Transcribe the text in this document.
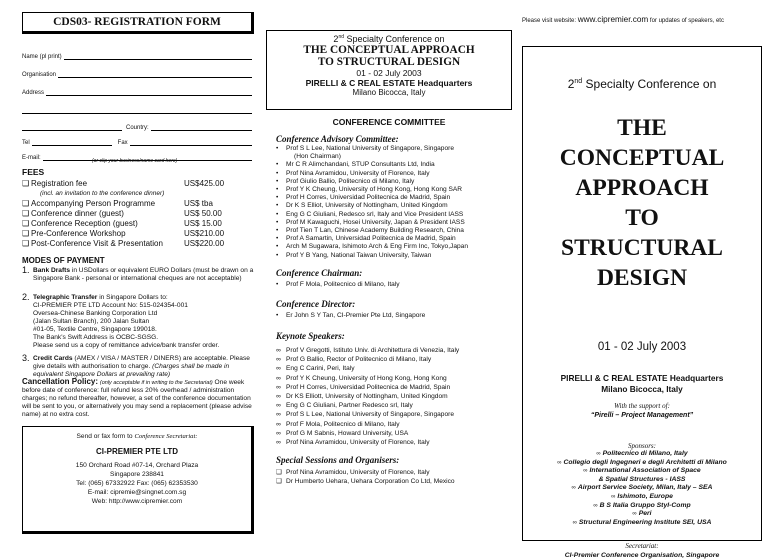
CDS03- REGISTRATION FORM
Name (pl print)
Organisation
Address
Country:
Tel	Fax
E-mail:	(or clip your business/name card here)
FEES
❑ Registration fee	US$425.00
(incl. an invitation to the conference dinner)
❑ Accompanying Person Programme	US$ tba
❑ Conference dinner (guest)	US$ 50.00
❑ Conference Reception (guest)	US$ 15.00
❑ Pre-Conference Workshop	US$210.00
❑ Post-Conference Visit & Presentation	US$220.00
MODES OF PAYMENT
1. Bank Drafts in USDollars or equivalent EURO Dollars (must be drawn on a Singapore Bank - personal or international cheques are not acceptable)
2. Telegraphic Transfer in Singapore Dollars to:
CI-PREMIER PTE LTD Account No: 515-024354-001
Oversea-Chinese Banking Corporation Ltd
(Jalan Sultan Branch), 200 Jalan Sultan
#01-05, Textile Centre, Singapore 199018.
The Bank's Swift Address is OCBC-SGSG.
Please send us a copy of remittance advice/bank transfer order.
3. Credit Cards (AMEX / VISA / MASTER / DINERS) are acceptable. Please give details with authorisation to charge. (Charges shall be made in equivalent Singapore Dollars at prevailing rate)
Cancellation Policy: (only acceptable if in writing to the Secretariat) One week before date of conference: full refund less 20% overhead / administration charges; no refund thereafter, however, a set of the conference documentation will be sent to you, or alternatively you may send a replacement (please advise name) at no extra cost.
Send or fax form to Conference Secretariat:
CI-PREMIER PTE LTD
150 Orchard Road #07-14, Orchard Plaza
Singapore 238841
Tel: (065) 67332922 Fax: (065) 62353530
E-mail: cipremie@singnet.com.sg
Web: http://www.cipremier.com
2nd Specialty Conference on
THE CONCEPTUAL APPROACH
TO STRUCTURAL DESIGN
01 - 02 July 2003
PIRELLI & C REAL ESTATE Headquarters
Milano Bicocca, Italy
CONFERENCE COMMITTEE
Conference Advisory Committee:
• Prof S L Lee, National University of Singapore, Singapore
(Hon Chairman)
• Mr C R Alimchandani, STUP Consultants Ltd, India
• Prof Nina Avramidou, University of Florence, Italy
• Prof Giulio Ballio, Politecnico di Milano, Italy
• Prof Y K Cheung, University of Hong Kong, Hong Kong SAR
• Prof H Corres, Universidad Politecnica de Madrid, Spain
• Dr K S Elliot, University of Nottingham, United Kingdom
• Eng G C Giuliani, Redesco srl, Italy and Vice President IASS
• Prof M Kawaguchi, Hosei University, Japan & President IASS
• Prof Tien T Lan, Chinese Academy Building Research, China
• Prof A Samartin, Universidad Politecnica de Madrid, Spain
• Arch M Sugawara, Ishimoto Arch & Eng Firm Inc, Tokyo,Japan
• Prof Y B Yang, National Taiwan University, Taiwan
Conference Chairman:
• Prof F Mola, Politecnico di Milano, Italy
Conference Director:
• Er John S Y Tan, CI-Premier Pte Ltd, Singapore
Keynote Speakers:
∞ Prof V Gregotti, Istituto Univ. di Architettura di Venezia, Italy
∞ Prof G Ballio, Rector of Politecnico di Milano, Italy
∞ Eng C Carini, Peri, Italy
∞ Prof Y K Cheung, University of Hong Kong, Hong Kong
∞ Prof H Corres, Universidad Politecnica de Madrid, Spain
∞ Dr KS Elliott, University of Nottingham, United Kingdom
∞ Eng G C Giuliani, Partner Redesco srl, Italy
∞ Prof S L Lee, National University of Singapore, Singapore
∞ Prof F Mola, Politecnico di Milano, Italy
∞ Prof G M Sabnis, Howard University, USA
∞ Prof Nina Avramidou, University of Florence, Italy
Special Sessions and Organisers:
❑ Prof Nina Avramidou, University of Florence, Italy
❑ Dr Humberto Uehara, Uehara Corporation Co Ltd, Mexico
Please visit website: www.cipremier.com for updates of speakers, etc
2nd Specialty Conference on
THE
CONCEPTUAL
APPROACH
TO
STRUCTURAL
DESIGN
01 - 02 July 2003
PIRELLI & C REAL ESTATE Headquarters
Milano Bicocca, Italy
With the support of:
“Pirelli – Project Management”
Sponsors:
∞ Politecnico di Milano, Italy
∞ Collegio degli Ingegneri e degli Architetti di Milano
∞ International Association of Space
& Spatial Structures - IASS
∞ Airport Service Society, Milan, Italy – SEA
∞ Ishimoto, Europe
∞ B S Italia Gruppo Styl-Comp
∞ Peri
∞ Structural Engineering Institute SEI, USA
Secretariat:
CI-Premier Conference Organisation, Singapore
